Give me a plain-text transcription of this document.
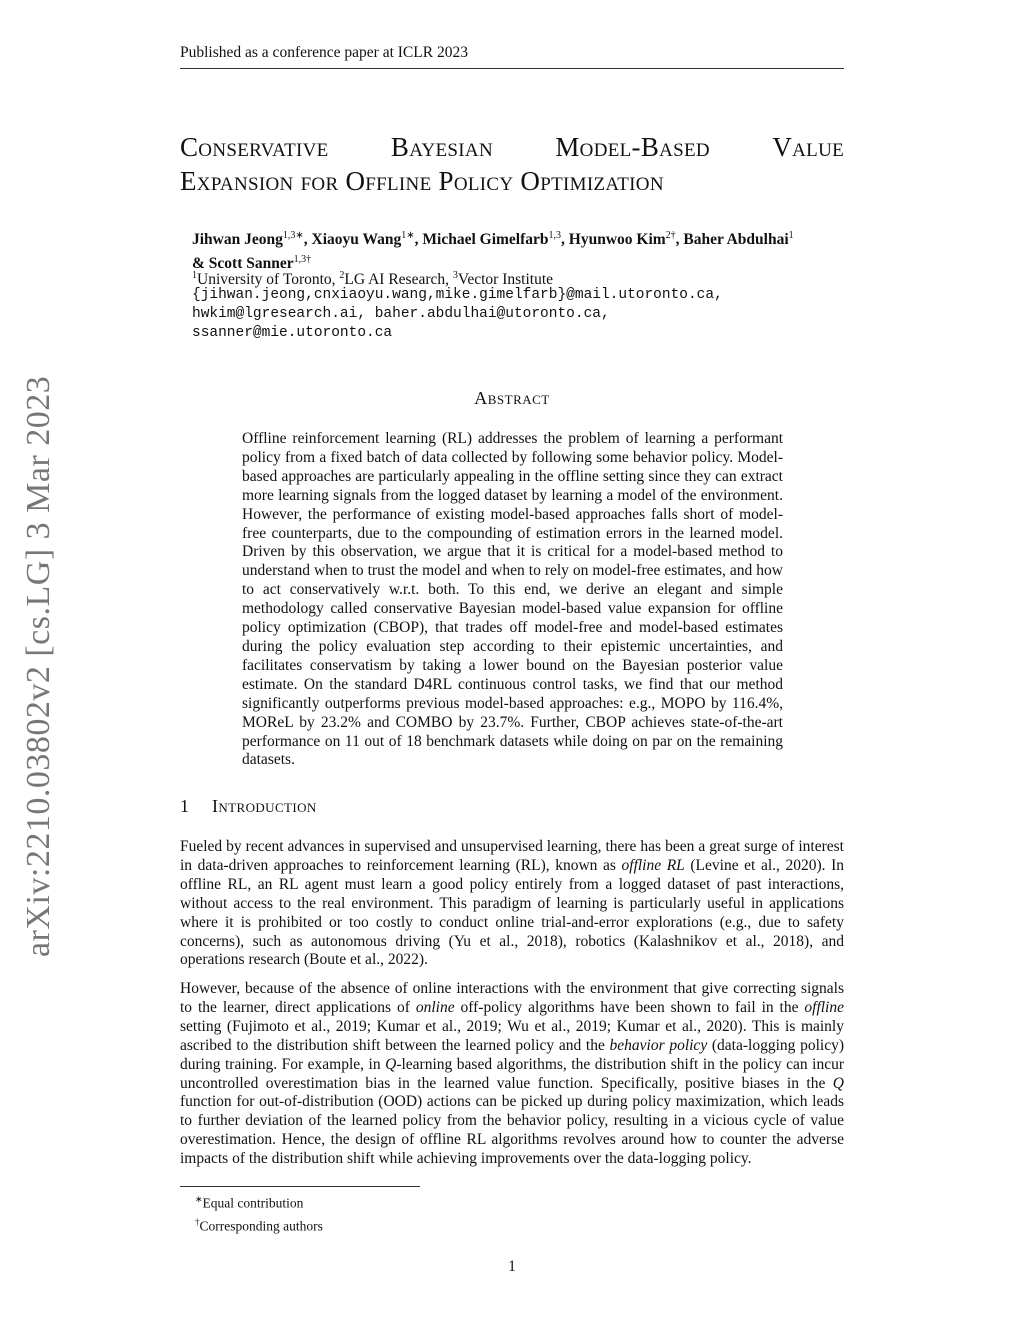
Published as a conference paper at ICLR 2023
Conservative Bayesian Model-Based Value
Expansion for Offline Policy Optimization
Jihwan Jeong$^{1,3∗}$, Xiaoyu Wang$^{1∗}$, Michael Gimelfarb$^{1,3}$, Hyunwoo Kim$^{2\dagger}$, Baher Abdulhai$^1$
& Scott Sanner$^{1,3\dagger}$
$^1$University of Toronto, $^2$LG AI Research, $^3$Vector Institute
{jihwan.jeong,cnxiaoyu.wang,mike.gimelfarb}@mail.utoronto.ca,
hwkim@lgresearch.ai, baher.abdulhai@utoronto.ca,
ssanner@mie.utoronto.ca
arXiv:2210.03802v2 [cs.LG] 3 Mar 2023	Abstract
Offline reinforcement learning (RL) addresses the problem of learning a performant policy from a fixed batch of data collected by following some behavior policy. Model-based approaches are particularly appealing in the offline setting since they can extract more learning signals from the logged dataset by learning a model of the environment. However, the performance of existing model-based approaches falls short of model-free counterparts, due to the compounding of estimation errors in the learned model. Driven by this observation, we argue that it is critical for a model-based method to understand when to trust the model and when to rely on model-free estimates, and how to act conservatively w.r.t. both. To this end, we derive an elegant and simple methodology called conservative Bayesian model-based value expansion for offline policy optimization (CBOP), that trades off model-free and model-based estimates during the policy evaluation step according to their epistemic uncertainties, and facilitates conservatism by taking a lower bound on the Bayesian posterior value estimate. On the standard D4RL continuous control tasks, we find that our method significantly outperforms previous model-based approaches: e.g., MOPO by 116.4%, MOReL by 23.2% and COMBO by 23.7%. Further, CBOP achieves state-of-the-art performance on 11 out of 18 benchmark datasets while doing on par on the remaining datasets.
1 Introduction
Fueled by recent advances in supervised and unsupervised learning, there has been a great surge of interest in data-driven approaches to reinforcement learning (RL), known as offline RL (Levine et al., 2020). In offline RL, an RL agent must learn a good policy entirely from a logged dataset of past interactions, without access to the real environment. This paradigm of learning is particularly useful in applications where it is prohibited or too costly to conduct online trial-and-error explorations (e.g., due to safety concerns), such as autonomous driving (Yu et al., 2018), robotics (Kalashnikov et al., 2018), and operations research (Boute et al., 2022).
However, because of the absence of online interactions with the environment that give correcting signals to the learner, direct applications of online off-policy algorithms have been shown to fail in the offline setting (Fujimoto et al., 2019; Kumar et al., 2019; Wu et al., 2019; Kumar et al., 2020). This is mainly ascribed to the distribution shift between the learned policy and the behavior policy (data-logging policy) during training. For example, in Q-learning based algorithms, the distribution shift in the policy can incur uncontrolled overestimation bias in the learned value function. Specifically, positive biases in the Q function for out-of-distribution (OOD) actions can be picked up during policy maximization, which leads to further deviation of the learned policy from the behavior policy, resulting in a vicious cycle of value overestimation. Hence, the design of offline RL algorithms revolves around how to counter the adverse impacts of the distribution shift while achieving improvements over the data-logging policy.
∗Equal contribution
†Corresponding authors
1
